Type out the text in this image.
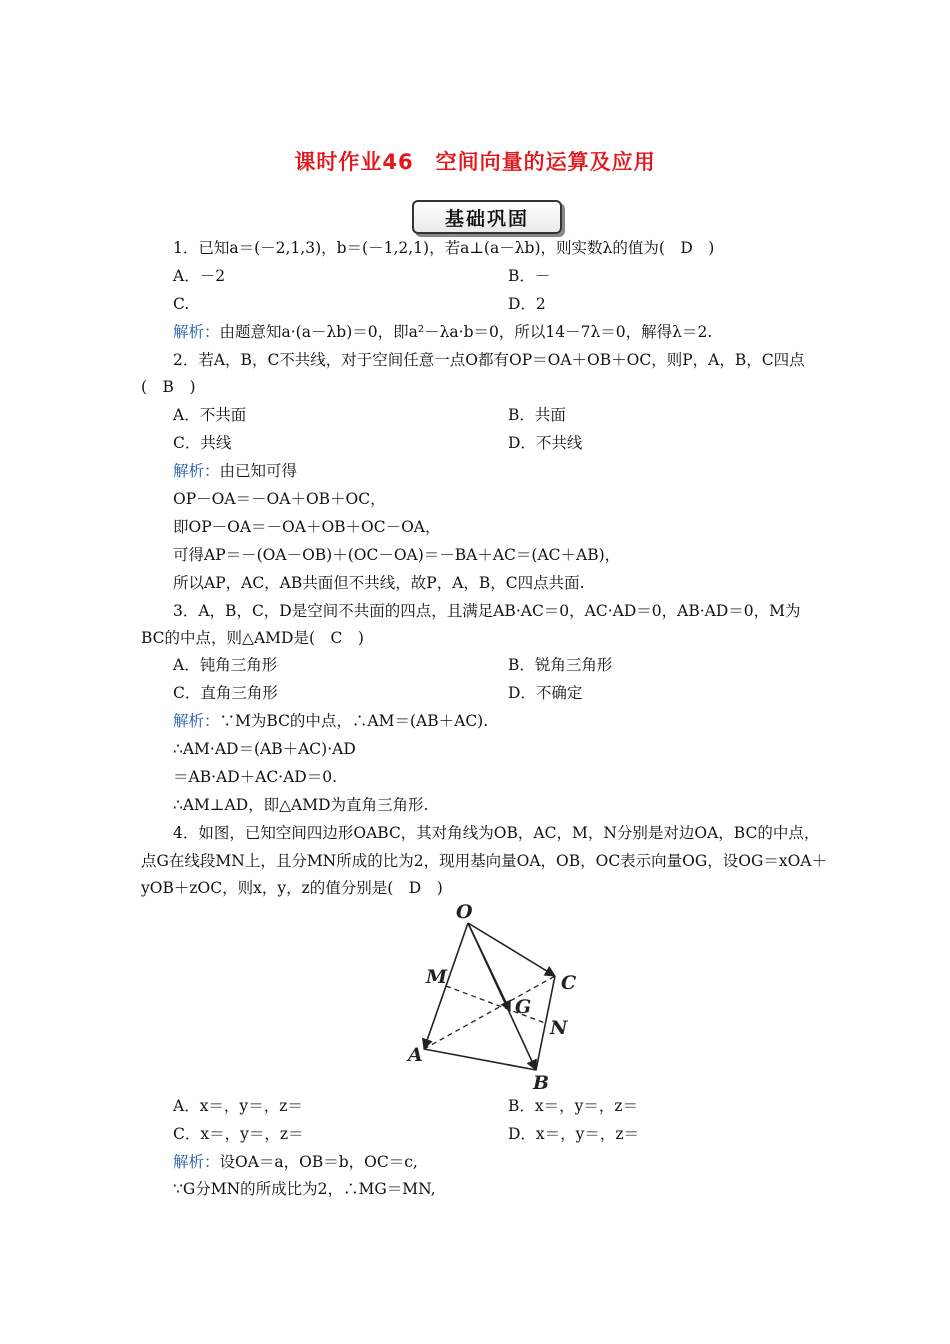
课时作业46　空间向量的运算及应用
基础巩固
1．已知a＝(－2,1,3)，b＝(－1,2,1)，若a⊥(a－λb)，则实数λ的值为(　D　)
A．－2	B．－
C.	D．2
解析：由题意知a·(a－λb)＝0，即a²－λa·b＝0，所以14－7λ＝0，解得λ＝2.
2．若A，B，C不共线，对于空间任意一点O都有OP＝OA＋OB＋OC，则P，A，B，C四点
(　B　)
A．不共面	B．共面
C．共线	D．不共线
解析：由已知可得
OP－OA＝－OA＋OB＋OC，
即OP－OA＝－OA＋OB＋OC－OA，
可得AP＝－(OA－OB)＋(OC－OA)＝－BA＋AC＝(AC＋AB)，
所以AP，AC，AB共面但不共线，故P，A，B，C四点共面.
3．A，B，C，D是空间不共面的四点，且满足AB·AC＝0，AC·AD＝0，AB·AD＝0，M为
BC的中点，则△AMD是(　C　)
A．钝角三角形	B．锐角三角形
C．直角三角形	D．不确定
解析：∵M为BC的中点，∴AM＝(AB＋AC).
∴AM·AD＝(AB＋AC)·AD
＝AB·AD＋AC·AD＝0.
∴AM⊥AD，即△AMD为直角三角形.
4．如图，已知空间四边形OABC，其对角线为OB，AC，M，N分别是对边OA，BC的中点，
点G在线段MN上，且分MN所成的比为2，现用基向量OA，OB，OC表示向量OG，设OG＝xOA＋
yOB＋zOC，则x，y，z的值分别是(　D　)
O
M	C
G
N
A
B
A．x＝，y＝，z＝	B．x＝，y＝，z＝
C．x＝，y＝，z＝	D．x＝，y＝，z＝
解析：设OA＝a，OB＝b，OC＝c,
∵G分MN的所成比为2，∴MG＝MN,
